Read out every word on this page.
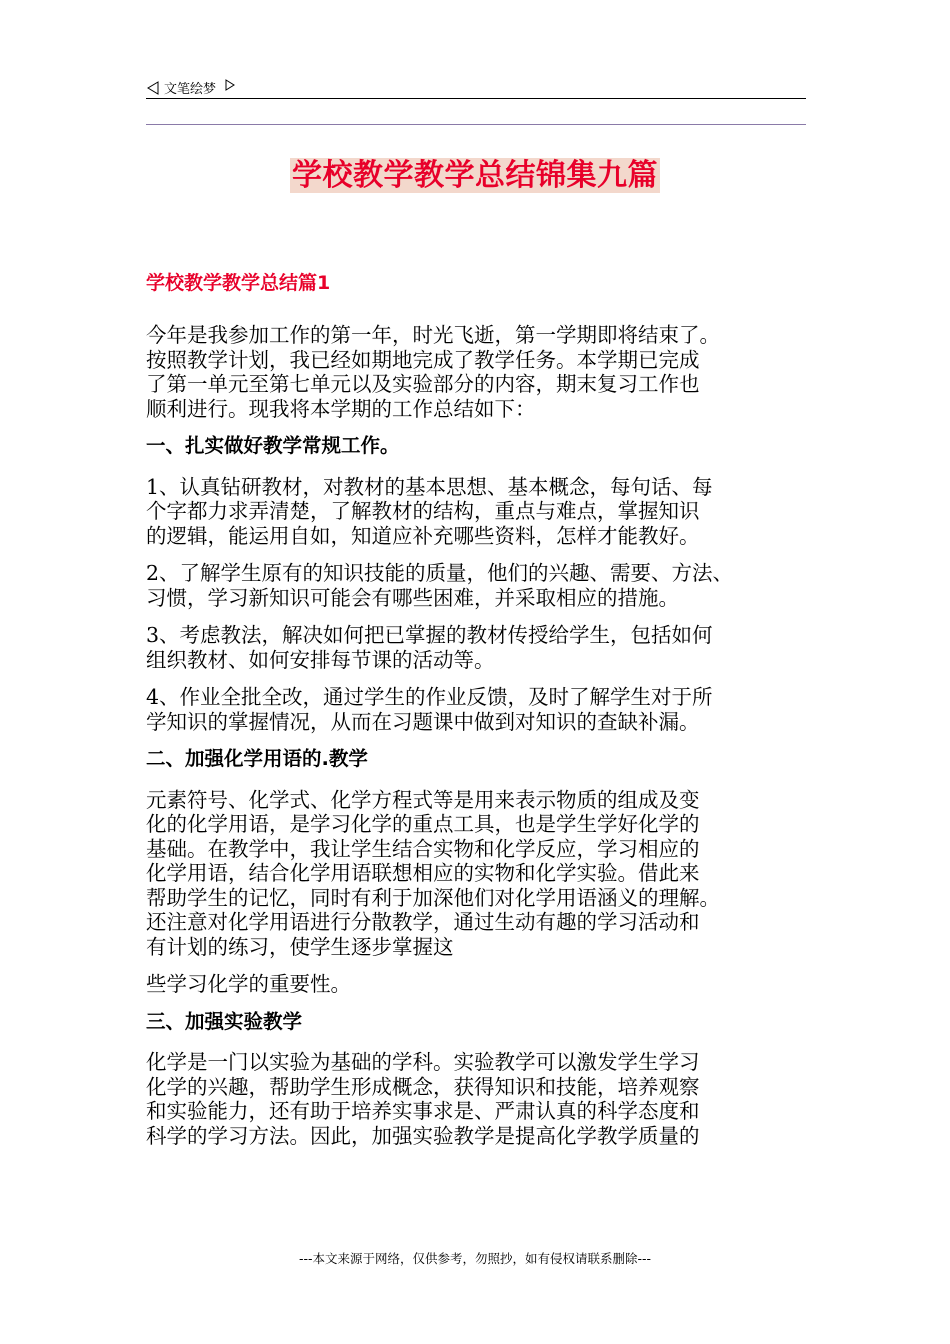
文笔绘梦
学校教学教学总结锦集九篇
学校教学教学总结篇1

今年是我参加工作的第一年，时光飞逝，第一学期即将结束了。
按照教学计划，我已经如期地完成了教学任务。本学期已完成
了第一单元至第七单元以及实验部分的内容，期末复习工作也
顺利进行。现我将本学期的工作总结如下：

一、扎实做好教学常规工作。

1、认真钻研教材，对教材的基本思想、基本概念，每句话、每
个字都力求弄清楚，了解教材的结构，重点与难点，掌握知识
的逻辑，能运用自如，知道应补充哪些资料，怎样才能教好。

2、了解学生原有的知识技能的质量，他们的兴趣、需要、方法、
习惯，学习新知识可能会有哪些困难，并采取相应的措施。

3、考虑教法，解决如何把已掌握的教材传授给学生，包括如何
组织教材、如何安排每节课的活动等。

4、作业全批全改，通过学生的作业反馈，及时了解学生对于所
学知识的掌握情况，从而在习题课中做到对知识的查缺补漏。

二、加强化学用语的.教学

元素符号、化学式、化学方程式等是用来表示物质的组成及变
化的化学用语，是学习化学的重点工具，也是学生学好化学的
基础。在教学中，我让学生结合实物和化学反应，学习相应的
化学用语，结合化学用语联想相应的实物和化学实验。借此来
帮助学生的记忆，同时有利于加深他们对化学用语涵义的理解。
还注意对化学用语进行分散教学，通过生动有趣的学习活动和
有计划的练习，使学生逐步掌握这

些学习化学的重要性。

三、加强实验教学

化学是一门以实验为基础的学科。实验教学可以激发学生学习
化学的兴趣，帮助学生形成概念，获得知识和技能，培养观察
和实验能力，还有助于培养实事求是、严肃认真的科学态度和
科学的学习方法。因此，加强实验教学是提高化学教学质量的

---本文来源于网络，仅供参考，勿照抄，如有侵权请联系删除---
